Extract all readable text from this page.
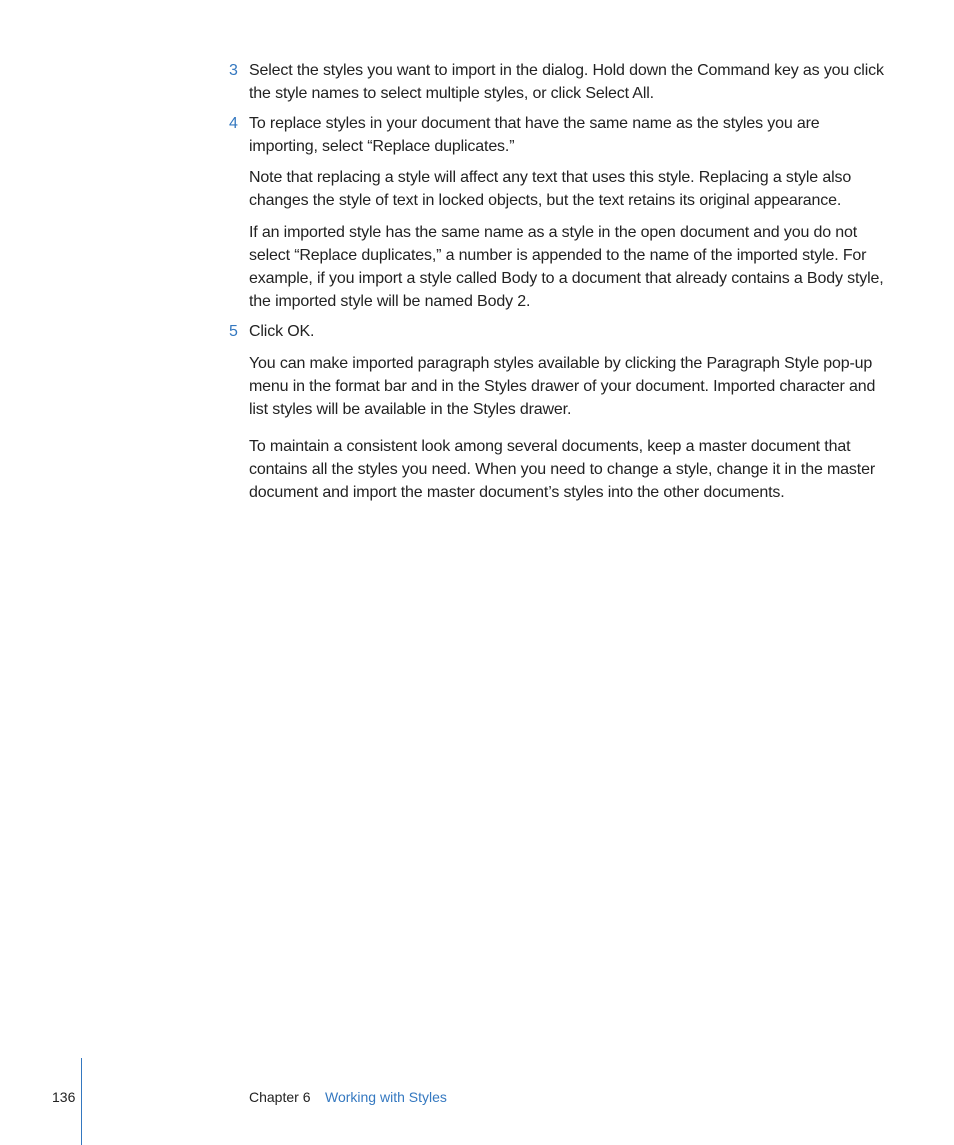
3 Select the styles you want to import in the dialog. Hold down the Command key as you click the style names to select multiple styles, or click Select All.

4 To replace styles in your document that have the same name as the styles you are importing, select “Replace duplicates.”

Note that replacing a style will affect any text that uses this style. Replacing a style also changes the style of text in locked objects, but the text retains its original appearance.

If an imported style has the same name as a style in the open document and you do not select “Replace duplicates,” a number is appended to the name of the imported style. For example, if you import a style called Body to a document that already contains a Body style, the imported style will be named Body 2.

5 Click OK.

You can make imported paragraph styles available by clicking the Paragraph Style pop-up menu in the format bar and in the Styles drawer of your document. Imported character and list styles will be available in the Styles drawer.

To maintain a consistent look among several documents, keep a master document that contains all the styles you need. When you need to change a style, change it in the master document and import the master document’s styles into the other documents.

136	Chapter 6 Working with Styles
